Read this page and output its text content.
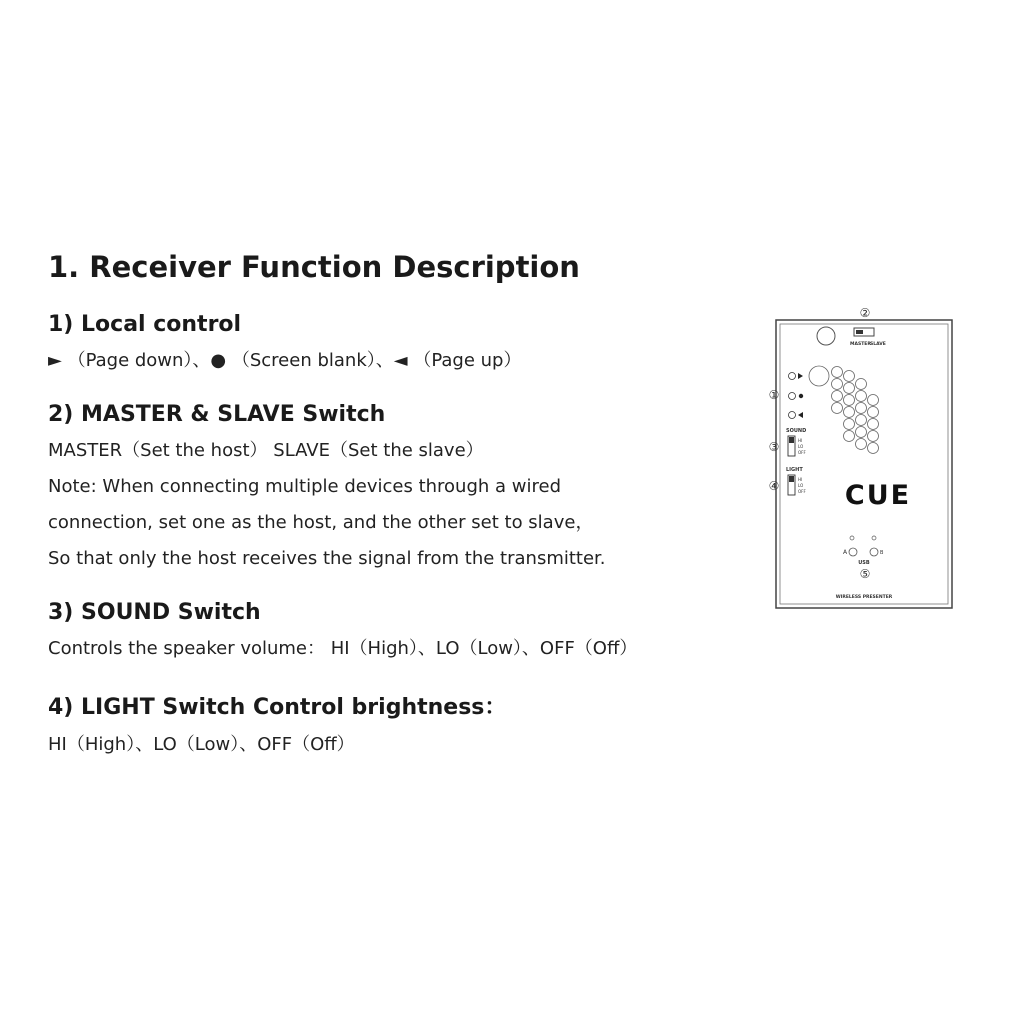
1. Receiver Function Description
1) Local control

► （Page down）、● （Screen blank）、◄ （Page up）

2) MASTER & SLAVE Switch

MASTER（Set the host） SLAVE（Set the slave）

Note: When connecting multiple devices through a wired

connection, set one as the host, and the other set to slave，

So that only the host receives the signal from the transmitter.

3) SOUND Switch

Controls the speaker volume： HI（High）、LO（Low）、OFF（Off）

4) LIGHT Switch Control brightness：

HI（High）、LO（Low）、OFF（Off）

②
MASTER SLAVE
①
SOUND
③	HI
LO
OFF
LIGHT
④	HI
LO
OFF CUE
A	B
USB
⑤
WIRELESS PRESENTER
